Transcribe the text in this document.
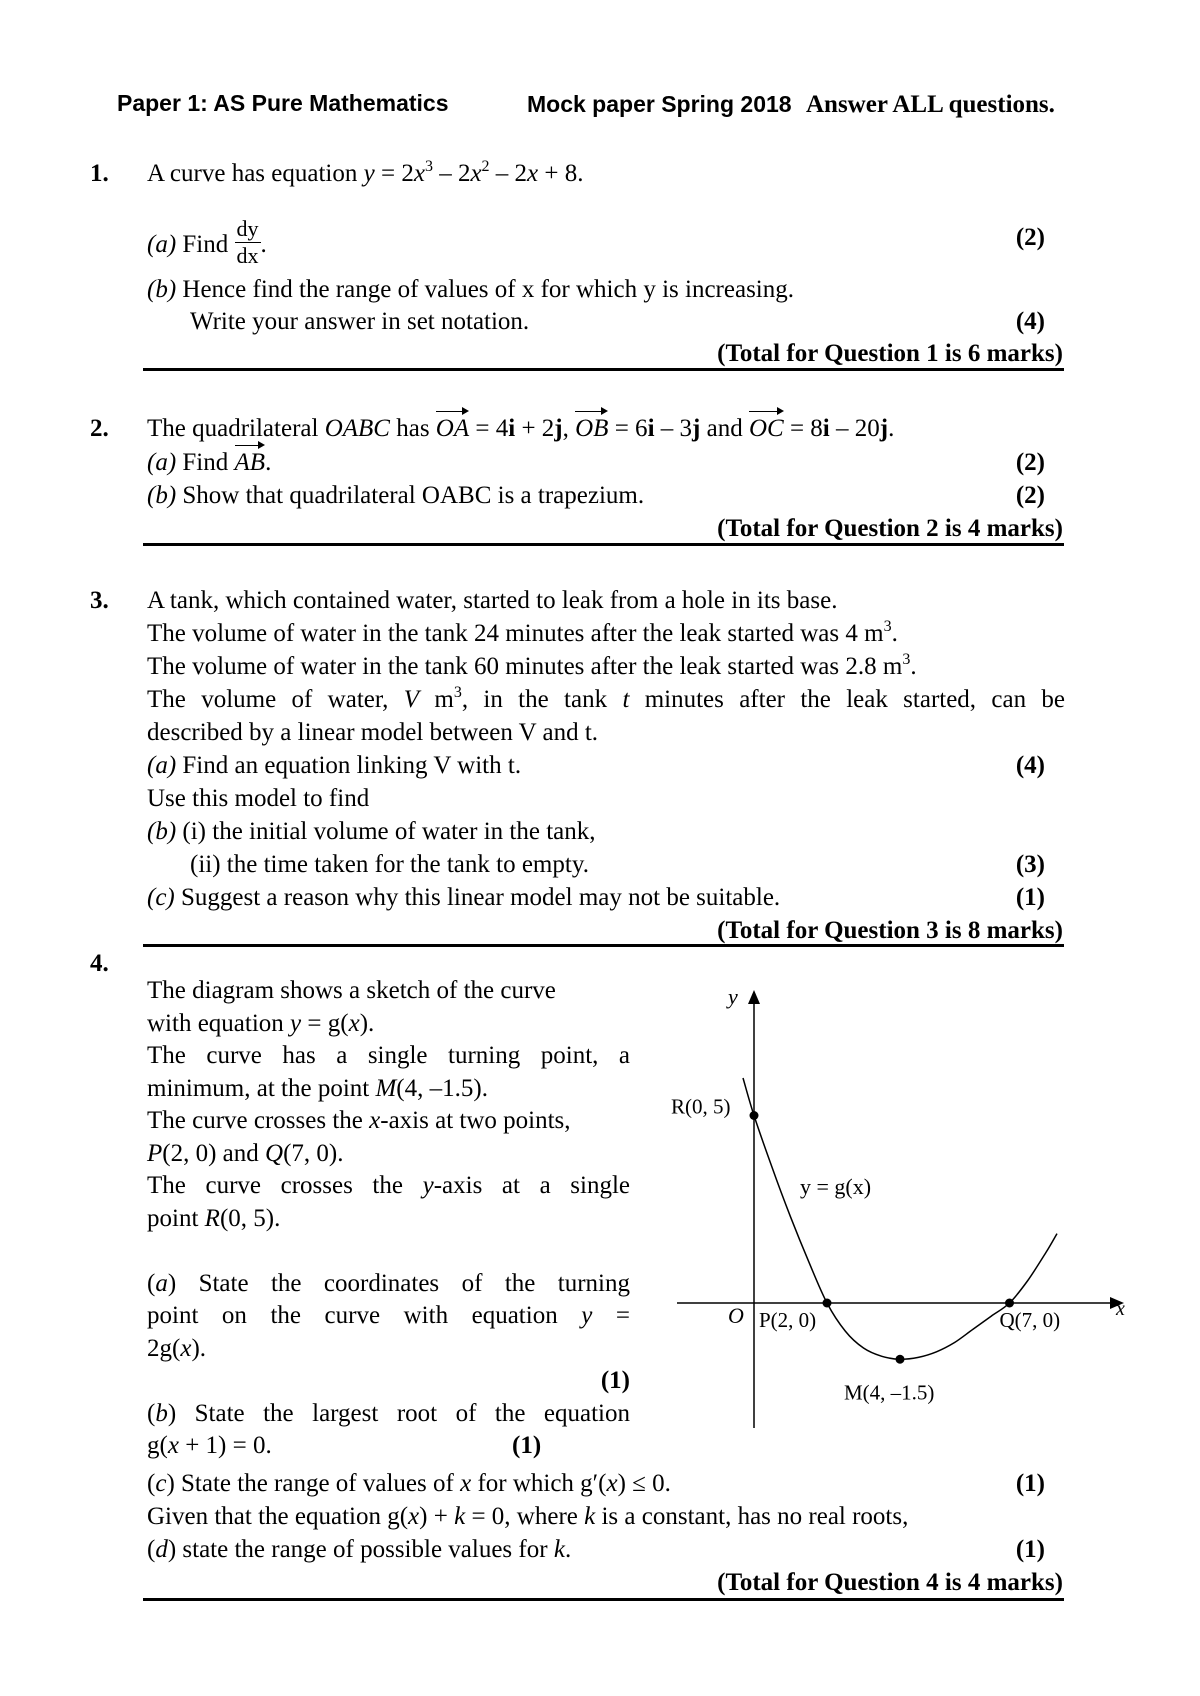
Paper 1: AS Pure Mathematics	Mock paper Spring 2018 Answer ALL questions.
1. A curve has equation $y = 2x^3 - 2x^2 - 2x + 8$.
(a) Find $\frac{dy}{dx}$ .	(2)
(b) Hence find the range of values of x for which y is increasing.
Write your answer in set notation.	(4)
(Total for Question 1 is 6 marks)
2. The quadrilateral OABC has OA = 4i + 2j, OB = 6i – 3j and OC = 8i – 20j.
(a) Find AB.	(2)
(b) Show that quadrilateral OABC is a trapezium.	(2)
(Total for Question 2 is 4 marks)
3. A tank, which contained water, started to leak from a hole in its base.
The volume of water in the tank 24 minutes after the leak started was 4 $m^3$.
The volume of water in the tank 60 minutes after the leak started was 2.8 $m^3$.
The volume of water, V $m^3$, in the tank t minutes after the leak started, can be
described by a linear model between V and t.
(a) Find an equation linking V with t.	(4)
Use this model to find
(b) (i) the initial volume of water in the tank,
(ii) the time taken for the tank to empty.	(3)
(c) Suggest a reason why this linear model may not be suitable.	(1)
(Total for Question 3 is 8 marks)
4.
The diagram shows a sketch of the curve
with equation y = g(x).
The curve has a single turning point, a
minimum, at the point M(4, –1.5).
The curve crosses the x-axis at two points,
P(2, 0) and Q(7, 0).
The curve crosses the y-axis at a single
point R(0, 5).
(a) State the coordinates of the turning
point on the curve with equation y =
2g(x).
(1)
(b) State the largest root of the equation
g(x + 1) = 0.	(1)
(c) State the range of values of x for which g′(x) ≤ 0.	(1)
Given that the equation g(x) + k = 0, where k is a constant, has no real roots,
(d) state the range of possible values for k.	(1)
(Total for Question 4 is 4 marks)
y
x
O
y = g(x)
R(0, 5)
P(2, 0)
M(4, –1.5)
Q(7, 0)
